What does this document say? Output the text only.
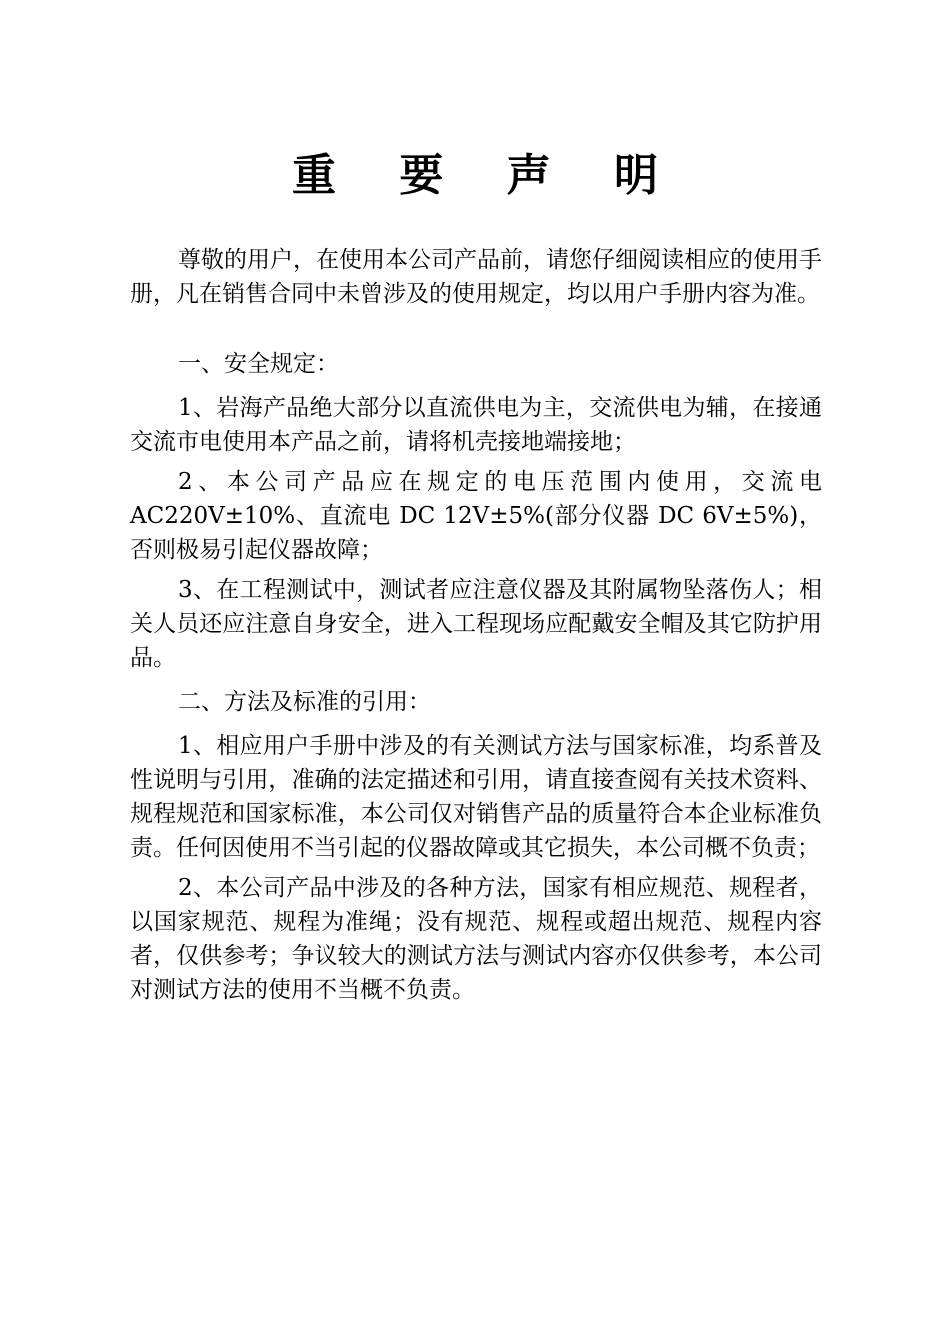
重 要 声 明

尊敬的用户，在使用本公司产品前，请您仔细阅读相应的使用手册，凡在销售合同中未曾涉及的使用规定，均以用户手册内容为准。

一、安全规定：

1、岩海产品绝大部分以直流供电为主，交流供电为辅，在接通交流市电使用本产品之前，请将机壳接地端接地；

2、本公司产品应在规定的电压范围内使用，交流电AC220V±10%、直流电 DC 12V±5%(部分仪器 DC 6V±5%)，否则极易引起仪器故障；

3、在工程测试中，测试者应注意仪器及其附属物坠落伤人；相关人员还应注意自身安全，进入工程现场应配戴安全帽及其它防护用品。

二、方法及标准的引用：

1、相应用户手册中涉及的有关测试方法与国家标准，均系普及性说明与引用，准确的法定描述和引用，请直接查阅有关技术资料、规程规范和国家标准，本公司仅对销售产品的质量符合本企业标准负责。任何因使用不当引起的仪器故障或其它损失，本公司概不负责；

2、本公司产品中涉及的各种方法，国家有相应规范、规程者，以国家规范、规程为准绳；没有规范、规程或超出规范、规程内容者，仅供参考；争议较大的测试方法与测试内容亦仅供参考，本公司对测试方法的使用不当概不负责。
